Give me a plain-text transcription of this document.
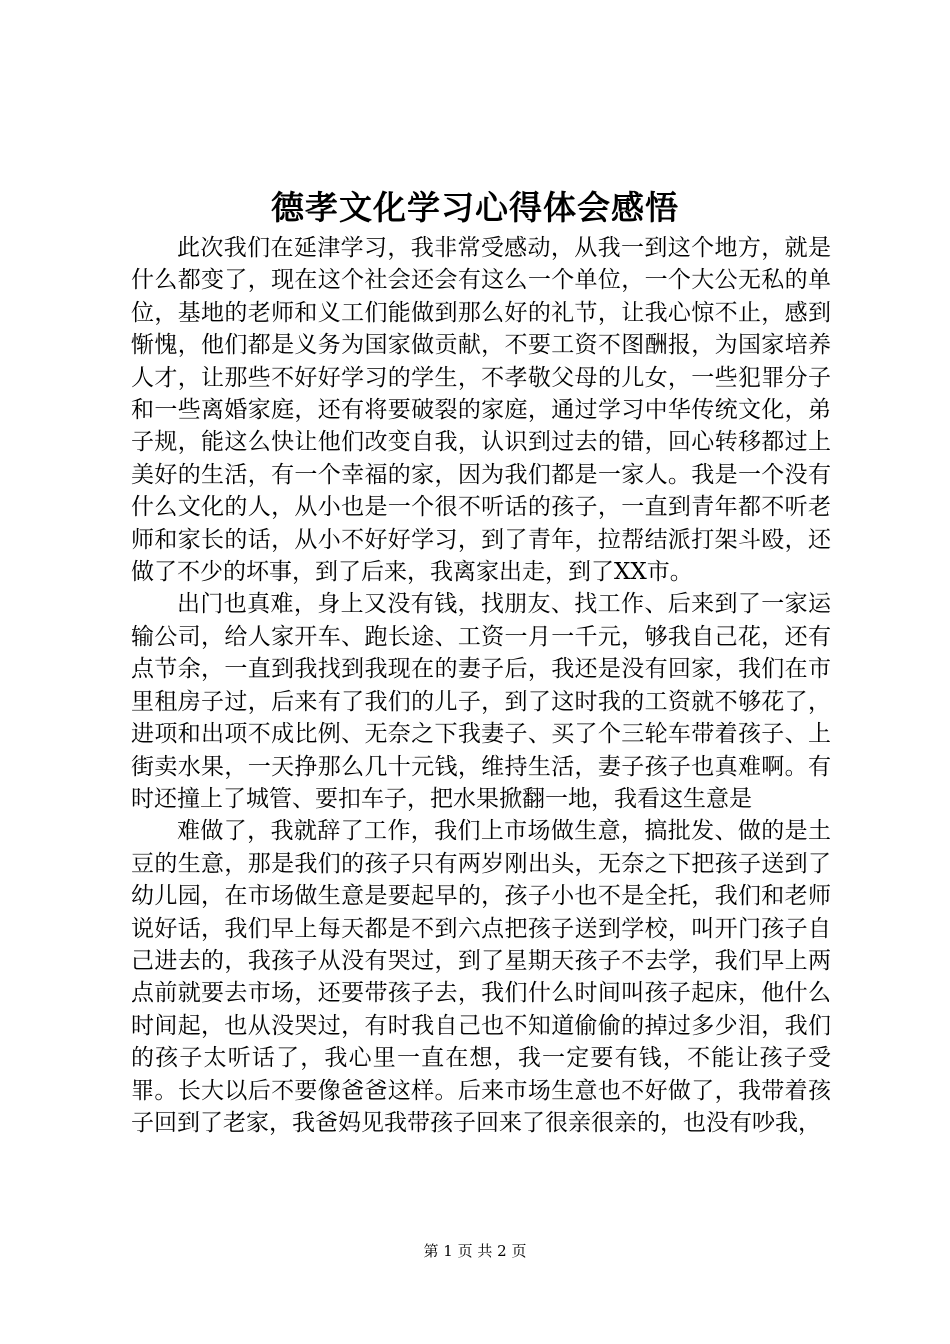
德孝文化学习心得体会感悟

此次我们在延津学习，我非常受感动，从我一到这个地方，就是什么都变了，现在这个社会还会有这么一个单位，一个大公无私的单位，基地的老师和义工们能做到那么好的礼节，让我心惊不止，感到惭愧，他们都是义务为国家做贡献，不要工资不图酬报，为国家培养人才，让那些不好好学习的学生，不孝敬父母的儿女，一些犯罪分子和一些离婚家庭，还有将要破裂的家庭，通过学习中华传统文化，弟子规，能这么快让他们改变自我，认识到过去的错，回心转移都过上美好的生活，有一个幸福的家，因为我们都是一家人。我是一个没有什么文化的人，从小也是一个很不听话的孩子，一直到青年都不听老师和家长的话，从小不好好学习，到了青年，拉帮结派打架斗殴，还做了不少的坏事，到了后来，我离家出走，到了XX市。

出门也真难，身上又没有钱，找朋友、找工作、后来到了一家运输公司，给人家开车、跑长途、工资一月一千元，够我自己花，还有点节余，一直到我找到我现在的妻子后，我还是没有回家，我们在市里租房子过，后来有了我们的儿子，到了这时我的工资就不够花了，进项和出项不成比例、无奈之下我妻子、买了个三轮车带着孩子、上街卖水果，一天挣那么几十元钱，维持生活，妻子孩子也真难啊。有时还撞上了城管、要扣车子，把水果掀翻一地，我看这生意是

难做了，我就辞了工作，我们上市场做生意，搞批发、做的是土豆的生意，那是我们的孩子只有两岁刚出头，无奈之下把孩子送到了幼儿园，在市场做生意是要起早的，孩子小也不是全托，我们和老师说好话，我们早上每天都是不到六点把孩子送到学校，叫开门孩子自己进去的，我孩子从没有哭过，到了星期天孩子不去学，我们早上两点前就要去市场，还要带孩子去，我们什么时间叫孩子起床，他什么时间起，也从没哭过，有时我自己也不知道偷偷的掉过多少泪，我们的孩子太听话了，我心里一直在想，我一定要有钱，不能让孩子受罪。长大以后不要像爸爸这样。后来市场生意也不好做了，我带着孩子回到了老家，我爸妈见我带孩子回来了很亲很亲的，也没有吵我，

第 1 页 共 2 页
